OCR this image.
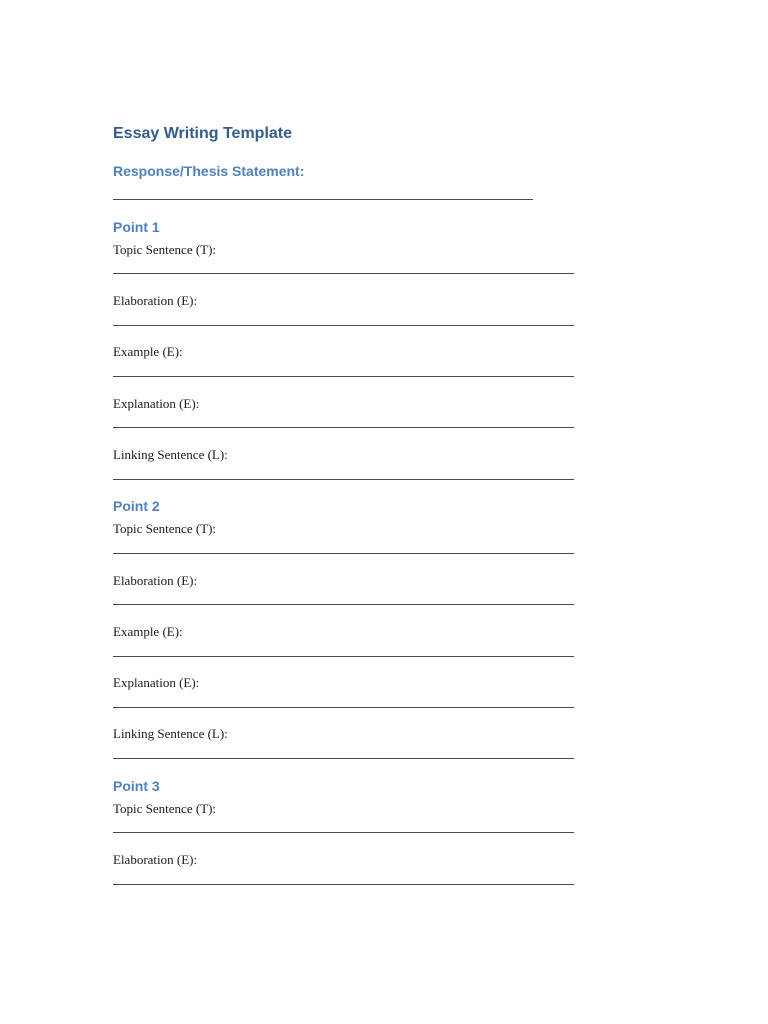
Essay Writing Template
Response/Thesis Statement:
Point 1
Topic Sentence (T):
Elaboration (E):
Example (E):
Explanation (E):
Linking Sentence (L):
Point 2
Topic Sentence (T):
Elaboration (E):
Example (E):
Explanation (E):
Linking Sentence (L):
Point 3
Topic Sentence (T):
Elaboration (E):
